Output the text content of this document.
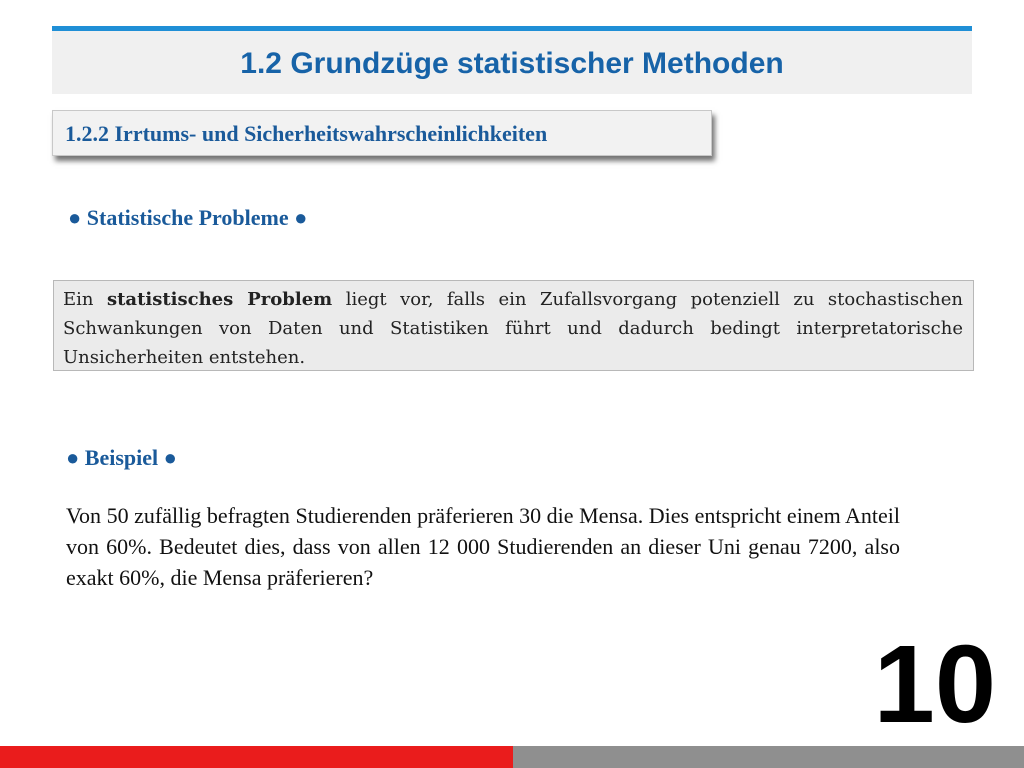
1.2 Grundzüge statistischer Methoden
1.2.2 Irrtums- und Sicherheitswahrscheinlichkeiten
● Statistische Probleme ●
Ein statistisches Problem liegt vor, falls ein Zufallsvorgang potenziell zu stochastischen Schwankungen von Daten und Statistiken führt und dadurch bedingt interpretatorische Unsicherheiten entstehen.
● Beispiel ●
Von 50 zufällig befragten Studierenden präferieren 30 die Mensa. Dies entspricht einem Anteil von 60%. Bedeutet dies, dass von allen 12 000 Studierenden an dieser Uni genau 7200, also exakt 60%, die Mensa präferieren?
10
